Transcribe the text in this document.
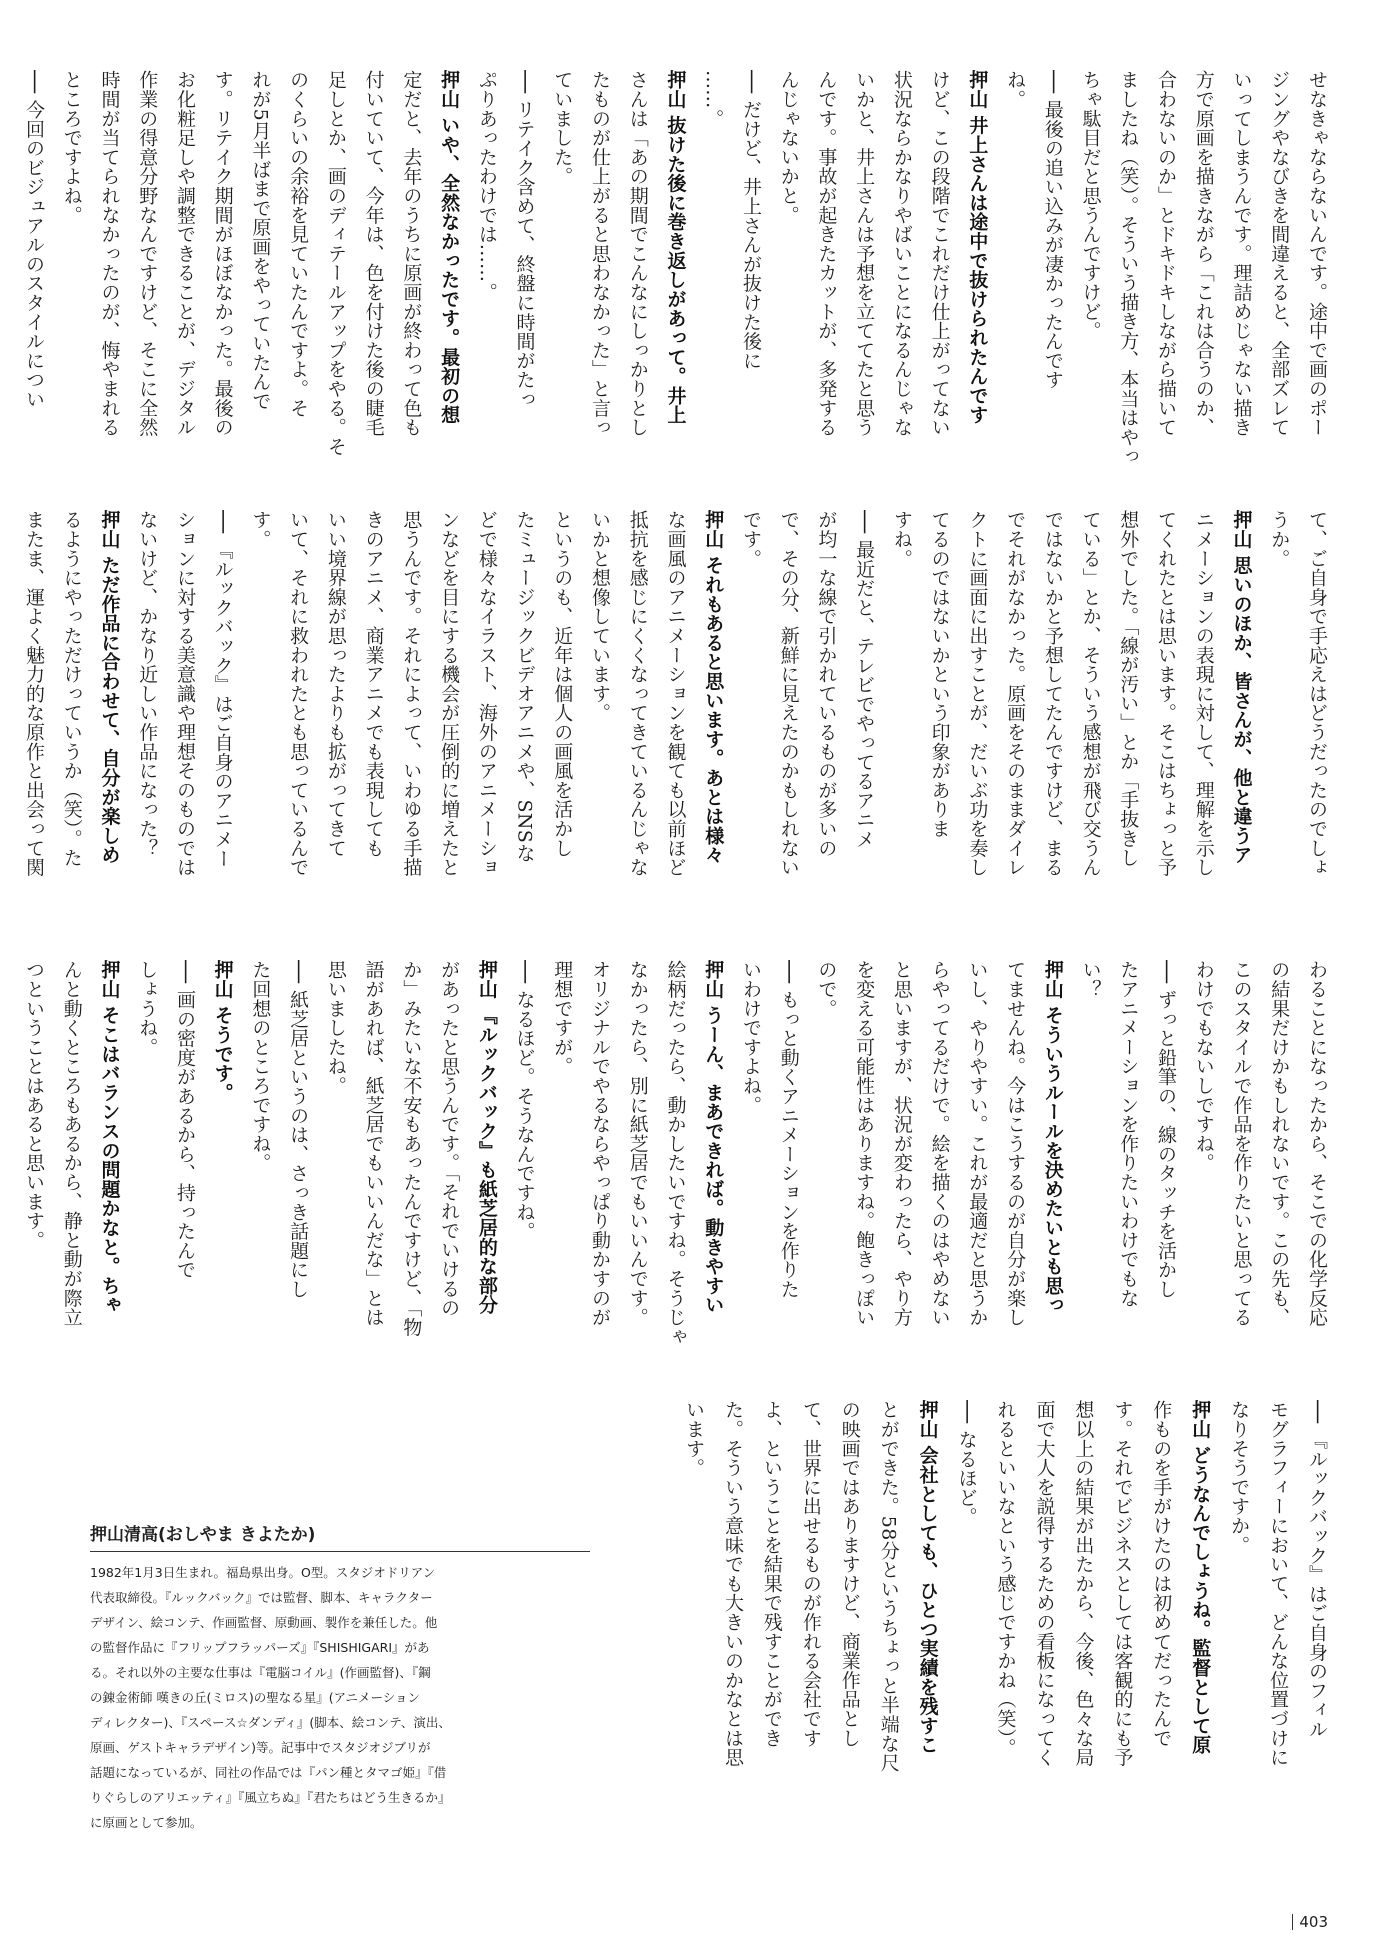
せなきゃならないんです。途中で画のポー

ジングやなびきを間違えると、全部ズレて

いってしまうんです。理詰めじゃない描き

方で原画を描きながら「これは合うのか、

合わないのか」とドキドキしながら描いて

ましたね（笑）。そういう描き方、本当はやっ

ちゃ駄目だと思うんですけど。

── 最後の追い込みが凄かったんです

ね。

押山 井上さんは途中で抜けられたんです

けど、この段階でこれだけ仕上がってない

状況ならかなりやばいことになるんじゃな

いかと、井上さんは予想を立ててたと思う

んです。事故が起きたカットが、多発する

んじゃないかと。

── だけど、井上さんが抜けた後に

……。

押山 抜けた後に巻き返しがあって。井上

さんは「あの期間でこんなにしっかりとし

たものが仕上がると思わなかった」と言っ

ていました。

── リテイク含めて、終盤に時間がたっ

ぷりあったわけでは……。

押山 いや、全然なかったです。最初の想

定だと、去年のうちに原画が終わって色も

付いていて、今年は、色を付けた後の睫毛

足しとか、画のディテールアップをやる。そ

のくらいの余裕を見ていたんですよ。そ

れが5月半ばまで原画をやっていたんで

す。リテイク期間がほぼなかった。最後の

お化粧足しや調整できることが、デジタル

作業の得意分野なんですけど、そこに全然

時間が当てられなかったのが、悔やまれる

ところですよね。

── 今回のビジュアルのスタイルについ

て、ご自身で手応えはどうだったのでしょ

うか。

押山 思いのほか、皆さんが、他と違うア

ニメーションの表現に対して、理解を示し

てくれたとは思います。そこはちょっと予

想外でした。「線が汚い」とか「手抜きし

ている」とか、そういう感想が飛び交うん

ではないかと予想してたんですけど、まる

でそれがなかった。原画をそのままダイレ

クトに画面に出すことが、だいぶ功を奏し

てるのではないかという印象がありま

すね。

── 最近だと、テレビでやってるアニメ

が均一な線で引かれているものが多いの

で、その分、新鮮に見えたのかもしれない

です。

押山 それもあると思います。あとは様々

な画風のアニメーションを観ても以前ほど

抵抗を感じにくくなってきているんじゃな

いかと想像しています。

というのも、近年は個人の画風を活かし

たミュージックビデオアニメや、SNSな

どで様々なイラスト、海外のアニメーショ

ンなどを目にする機会が圧倒的に増えたと

思うんです。それによって、いわゆる手描

きのアニメ、商業アニメでも表現しても

いい境界線が思ったよりも拡がってきて

いて、それに救われたとも思っているんで

す。

── 『ルックバック』はご自身のアニメー

ションに対する美意識や理想そのものでは

ないけど、かなり近しい作品になった？

押山 ただ作品に合わせて、自分が楽しめ

るようにやっただけっていうか（笑）。た

またま、運よく魅力的な原作と出会って関

わることになったから、そこでの化学反応

の結果だけかもしれないです。この先も、

このスタイルで作品を作りたいと思ってる

わけでもないしですね。

── ずっと鉛筆の、線のタッチを活かし

たアニメーションを作りたいわけでもな

い？

押山 そういうルールを決めたいとも思っ

てませんね。今はこうするのが自分が楽し

いし、やりやすい。これが最適だと思うか

らやってるだけで。絵を描くのはやめない

と思いますが、状況が変わったら、やり方

を変える可能性はありますね。飽きっぽい

ので。

── もっと動くアニメーションを作りた

いわけですよね。

押山 うーん、まあできれば。動きやすい

絵柄だったら、動かしたいですね。そうじゃ

なかったら、別に紙芝居でもいいんです。

オリジナルでやるならやっぱり動かすのが

理想ですが。

── なるほど。そうなんですね。

押山 『ルックバック』も紙芝居的な部分

があったと思うんです。「それでいけるの

か」みたいな不安もあったんですけど、「物

語があれば、紙芝居でもいいんだな」とは

思いましたね。

── 紙芝居というのは、さっき話題にし

た回想のところですね。

押山 そうです。

── 画の密度があるから、持ったんで

しょうね。

押山 そこはバランスの問題かなと。ちゃ

んと動くところもあるから、静と動が際立

つということはあると思います。

── 『ルックバック』はご自身のフィル

モグラフィーにおいて、どんな位置づけに

なりそうですか。

押山 どうなんでしょうね。監督として原

作ものを手がけたのは初めてだったんで

す。それでビジネスとしては客観的にも予

想以上の結果が出たから、今後、色々な局

面で大人を説得するための看板になってく

れるといいなという感じですかね（笑）。

── なるほど。

押山 会社としても、ひとつ実績を残すこ

とができた。58分というちょっと半端な尺

の映画ではありますけど、商業作品とし

て、世界に出せるものが作れる会社です

よ、ということを結果で残すことができ

た。そういう意味でも大きいのかなとは思

います。

押山清高(おしやま きよたか)
1982年1月3日生まれ。福島県出身。O型。スタジオドリアン
代表取締役。『ルックバック』では監督、脚本、キャラクター
デザイン、絵コンテ、作画監督、原動画、製作を兼任した。他
の監督作品に『フリップフラッパーズ』『SHISHIGARI』があ
る。それ以外の主要な仕事は『電脳コイル』(作画監督)、『鋼
の錬金術師 嘆きの丘(ミロス)の聖なる星』(アニメーション
ディレクター)、『スペース☆ダンディ』(脚本、絵コンテ、演出、
原画、ゲストキャラデザイン)等。記事中でスタジオジブリが
話題になっているが、同社の作品では『パン種とタマゴ姫』『借
りぐらしのアリエッティ』『風立ちぬ』『君たちはどう生きるか』
に原画として参加。
403
